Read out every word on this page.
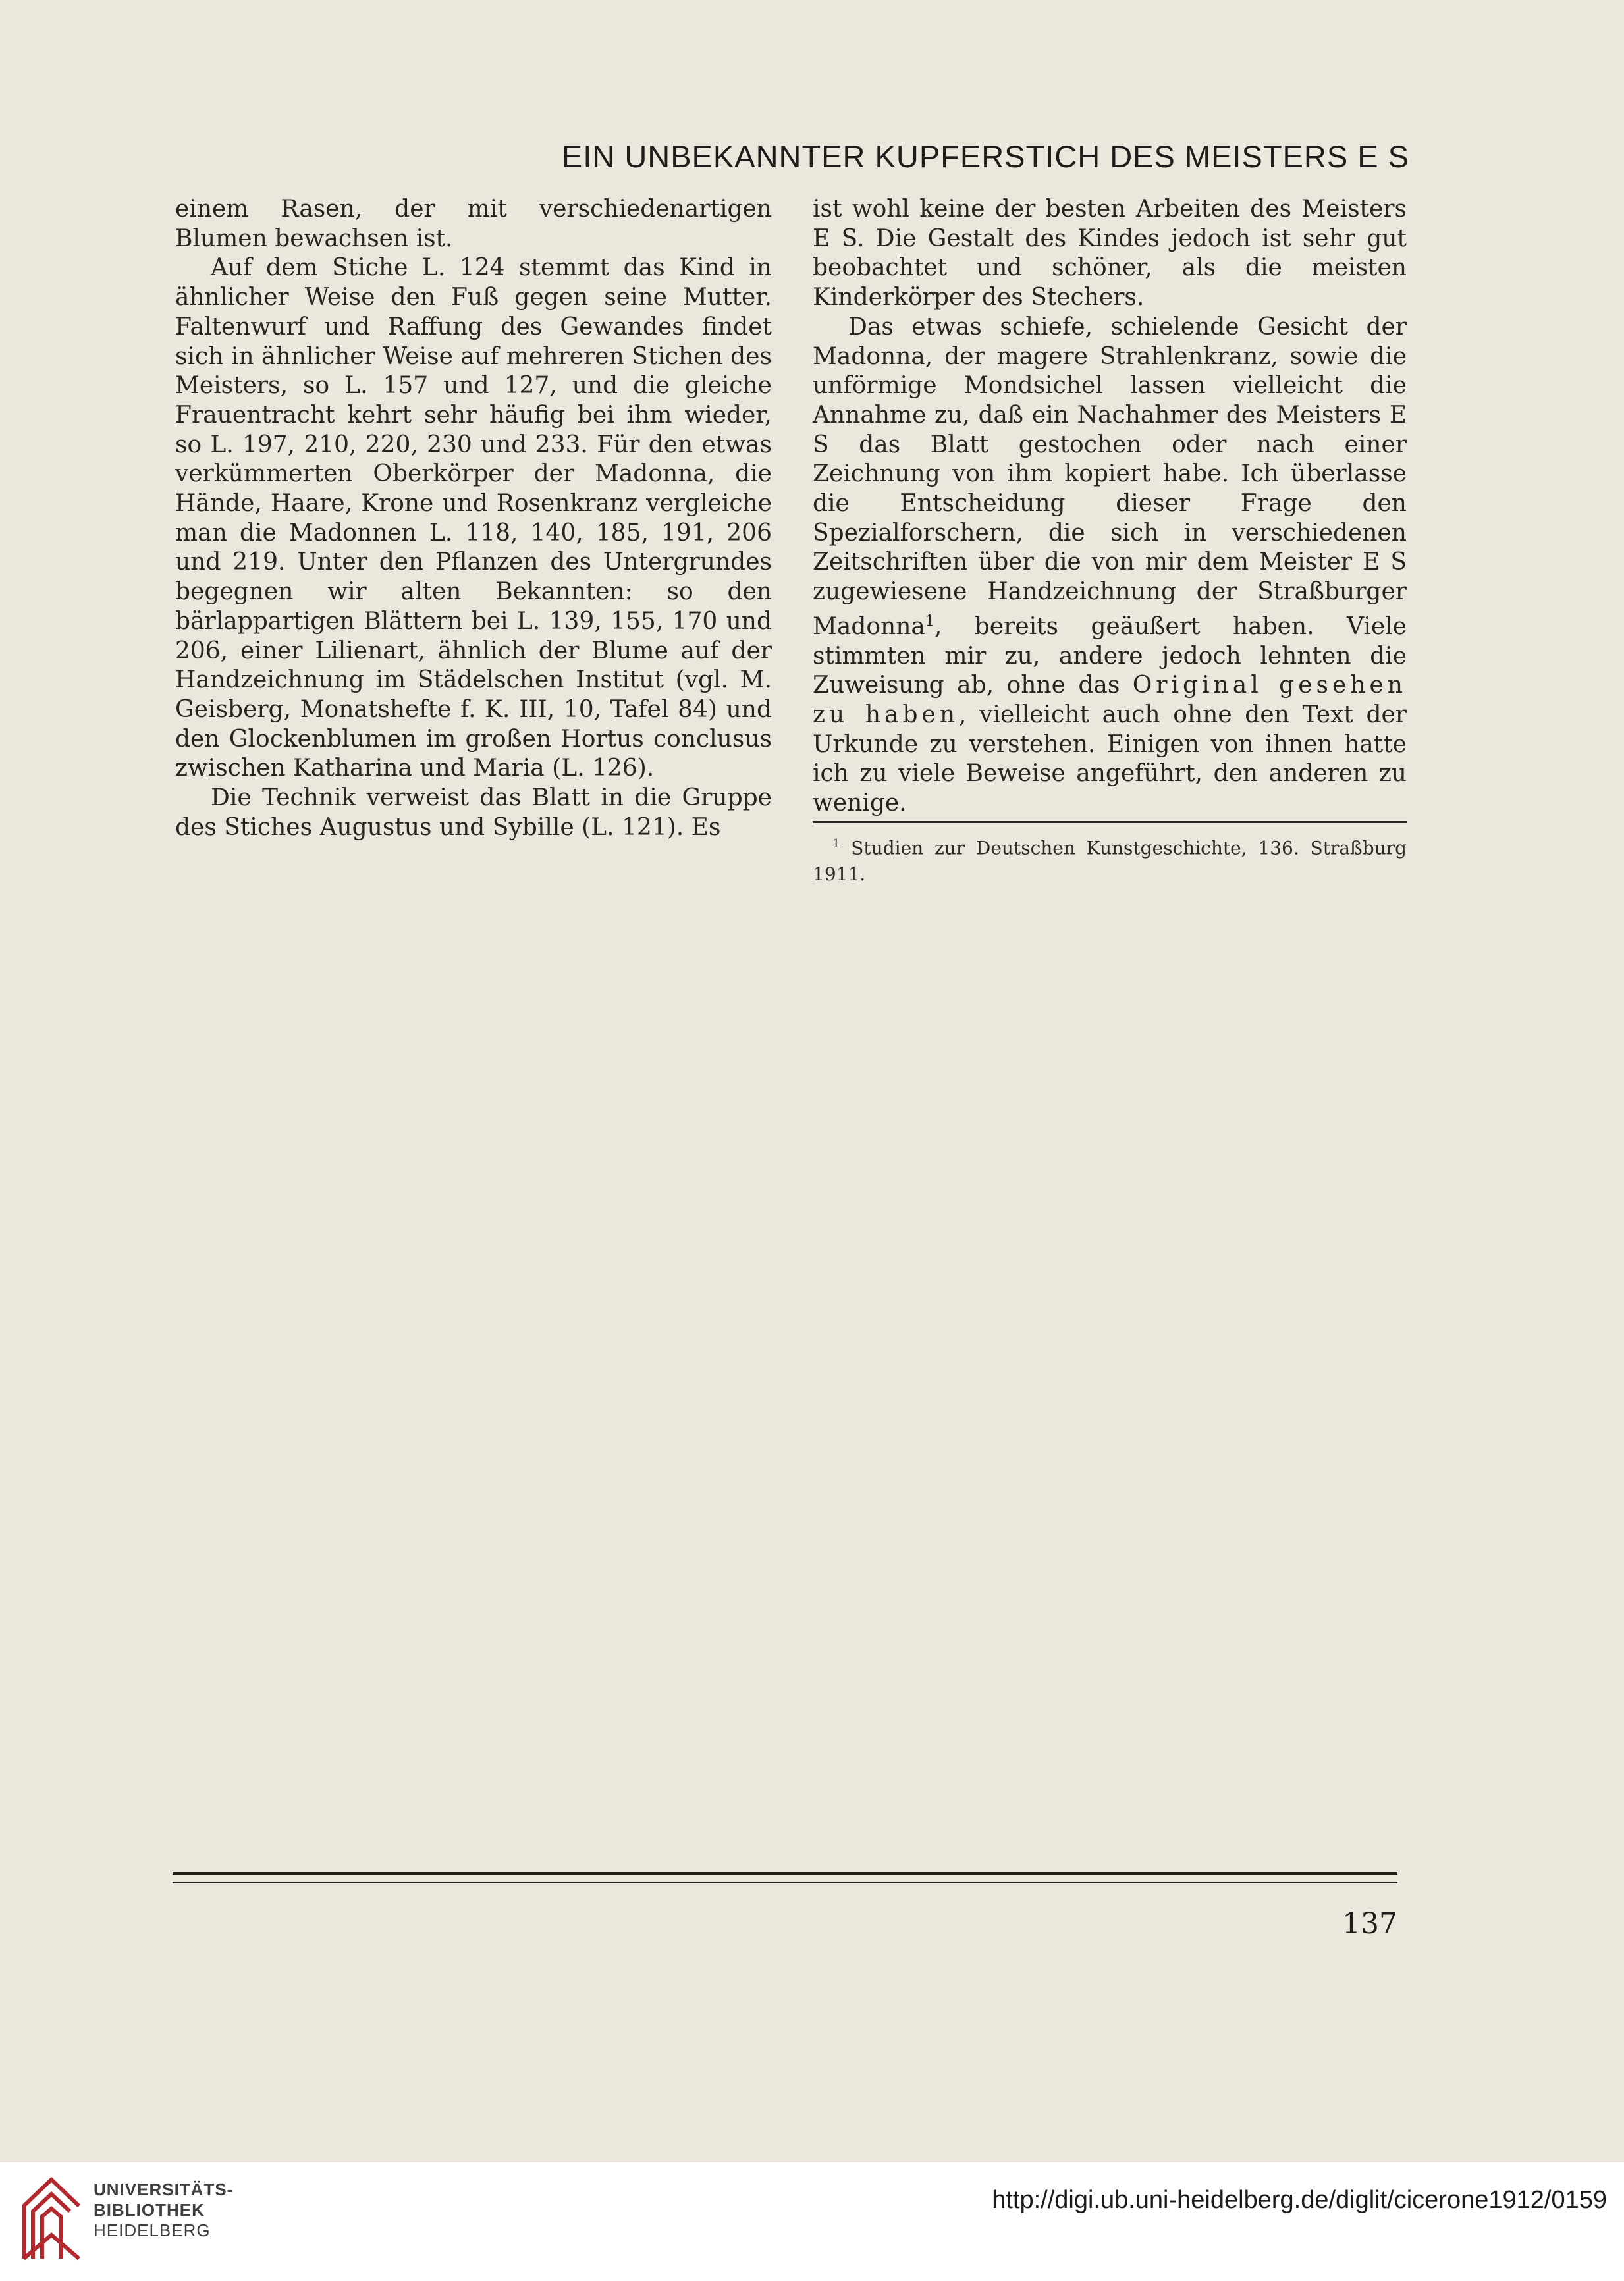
EIN UNBEKANNTER KUPFERSTICH DES MEISTERS E S

einem Rasen, der mit verschiedenartigen Blumen bewachsen ist.

Auf dem Stiche L. 124 stemmt das Kind in ähnlicher Weise den Fuß gegen seine Mutter. Faltenwurf und Raffung des Gewandes findet sich in ähnlicher Weise auf mehreren Stichen des Meisters, so L. 157 und 127, und die gleiche Frauentracht kehrt sehr häufig bei ihm wieder, so L. 197, 210, 220, 230 und 233. Für den etwas verkümmerten Oberkörper der Madonna, die Hände, Haare, Krone und Rosenkranz vergleiche man die Madonnen L. 118, 140, 185, 191, 206 und 219. Unter den Pflanzen des Untergrundes begegnen wir alten Bekannten: so den bärlappartigen Blättern bei L. 139, 155, 170 und 206, einer Lilienart, ähnlich der Blume auf der Handzeichnung im Städelschen Institut (vgl. M. Geisberg, Monatshefte f. K. III, 10, Tafel 84) und den Glockenblumen im großen Hortus conclusus zwischen Katharina und Maria (L. 126).

Die Technik verweist das Blatt in die Gruppe des Stiches Augustus und Sybille (L. 121). Es

ist wohl keine der besten Arbeiten des Meisters E S. Die Gestalt des Kindes jedoch ist sehr gut beobachtet und schöner, als die meisten Kinderkörper des Stechers.

Das etwas schiefe, schielende Gesicht der Madonna, der magere Strahlenkranz, sowie die unförmige Mondsichel lassen vielleicht die Annahme zu, daß ein Nachahmer des Meisters E S das Blatt gestochen oder nach einer Zeichnung von ihm kopiert habe. Ich überlasse die Entscheidung dieser Frage den Spezialforschern, die sich in verschiedenen Zeitschriften über die von mir dem Meister E S zugewiesene Handzeichnung der Straßburger Madonna$^1$, bereits geäußert haben. Viele stimmten mir zu, andere jedoch lehnten die Zuweisung ab, ohne das Original gesehen zu haben, vielleicht auch ohne den Text der Urkunde zu verstehen. Einigen von ihnen hatte ich zu viele Beweise angeführt, den anderen zu wenige.

$^1$ Studien zur Deutschen Kunstgeschichte, 136. Straßburg 1911.
137
UNIVERSITÄTS-
BIBLIOTHEK
HEIDELBERG
http://digi.ub.uni-heidelberg.de/diglit/cicerone1912/0159
